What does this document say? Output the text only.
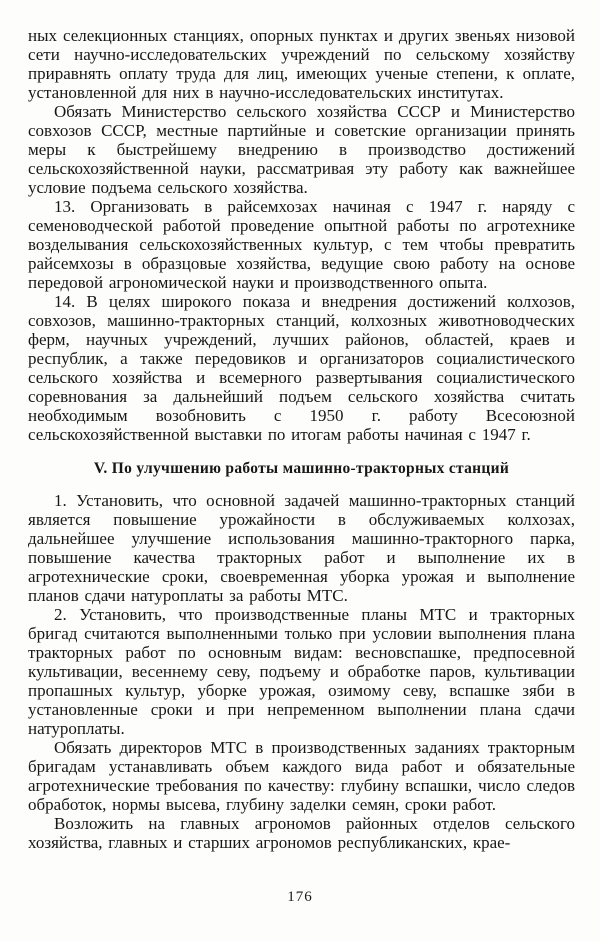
ных селекционных станциях, опорных пунктах и других звеньях низовой сети научно-исследовательских учреждений по сельскому хозяйству приравнять оплату труда для лиц, имеющих ученые степени, к оплате, установленной для них в научно-исследовательских институтах.

Обязать Министерство сельского хозяйства СССР и Министерство совхозов СССР, местные партийные и советские организации принять меры к быстрейшему внедрению в производство достижений сельскохозяйственной науки, рассматривая эту работу как важнейшее условие подъема сельского хозяйства.

13. Организовать в райсемхозах начиная с 1947 г. наряду с семеноводческой работой проведение опытной работы по агротехнике возделывания сельскохозяйственных культур, с тем чтобы превратить райсемхозы в образцовые хозяйства, ведущие свою работу на основе передовой агрономической науки и производственного опыта.

14. В целях широкого показа и внедрения достижений колхозов, совхозов, машинно-тракторных станций, колхозных животноводческих ферм, научных учреждений, лучших районов, областей, краев и республик, а также передовиков и организаторов социалистического сельского хозяйства и всемерного развертывания социалистического соревнования за дальнейший подъем сельского хозяйства считать необходимым возобновить с 1950 г. работу Всесоюзной сельскохозяйственной выставки по итогам работы начиная с 1947 г.

V. По улучшению работы машинно-тракторных станций

1. Установить, что основной задачей машинно-тракторных станций является повышение урожайности в обслуживаемых колхозах, дальнейшее улучшение использования машинно-тракторного парка, повышение качества тракторных работ и выполнение их в агротехнические сроки, своевременная уборка урожая и выполнение планов сдачи натуроплаты за работы МТС.

2. Установить, что производственные планы МТС и тракторных бригад считаются выполненными только при условии выполнения плана тракторных работ по основным видам: весновспашке, предпосевной культивации, весеннему севу, подъему и обработке паров, культивации пропашных культур, уборке урожая, озимому севу, вспашке зяби в установленные сроки и при непременном выполнении плана сдачи натуроплаты.

Обязать директоров МТС в производственных заданиях тракторным бригадам устанавливать объем каждого вида работ и обязательные агротехнические требования по качеству: глубину вспашки, число следов обработок, нормы высева, глубину заделки семян, сроки работ.

Возложить на главных агрономов районных отделов сельского хозяйства, главных и старших агрономов республиканских, крае-

176
